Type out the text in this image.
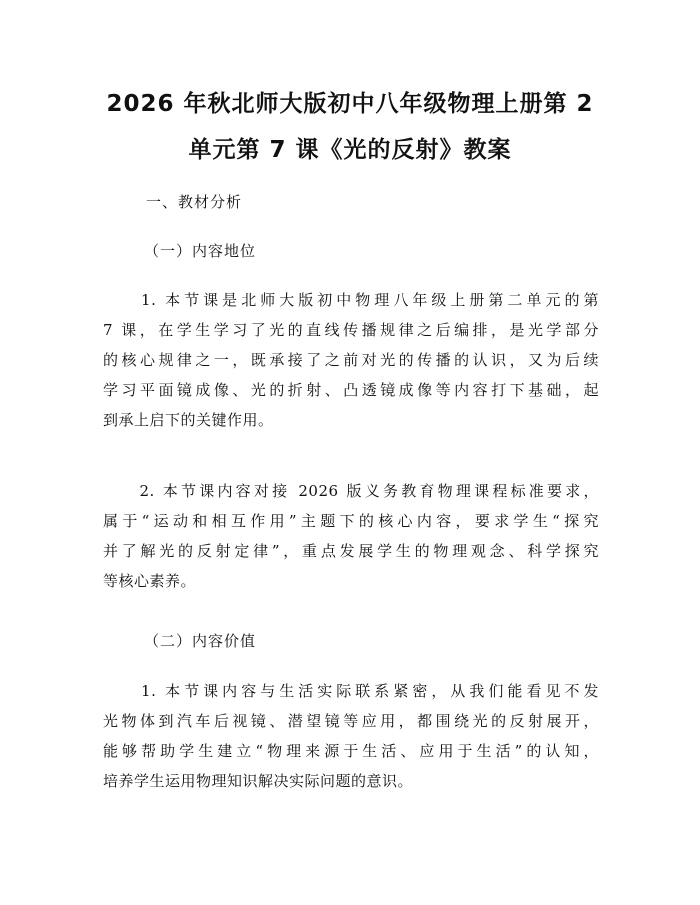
2026 年秋北师大版初中八年级物理上册第 2
单元第 7 课《光的反射》教案
一、教材分析
（一）内容地位
　　1. 本节课是北师大版初中物理八年级上册第二单元的第
7 课，在学生学习了光的直线传播规律之后编排，是光学部分
的核心规律之一，既承接了之前对光的传播的认识，又为后续
学习平面镜成像、光的折射、凸透镜成像等内容打下基础，起
到承上启下的关键作用。
　　2. 本节课内容对接 2026 版义务教育物理课程标准要求，
属于“运动和相互作用”主题下的核心内容，要求学生“探究
并了解光的反射定律”，重点发展学生的物理观念、科学探究
等核心素养。
（二）内容价值
　　1. 本节课内容与生活实际联系紧密，从我们能看见不发
光物体到汽车后视镜、潜望镜等应用，都围绕光的反射展开，
能够帮助学生建立“物理来源于生活、应用于生活”的认知，
培养学生运用物理知识解决实际问题的意识。
